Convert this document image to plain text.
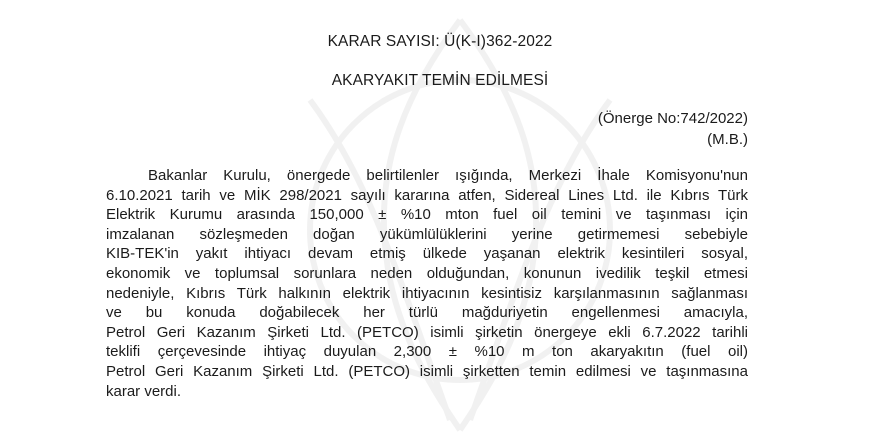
KARAR SAYISI: Ü(K-I)362-2022
AKARYAKIT TEMİN EDİLMESİ
(Önerge No:742/2022)
(M.B.)
Bakanlar Kurulu, önergede belirtilenler ışığında, Merkezi İhale Komisyonu'nun
6.10.2021 tarih ve MİK 298/2021 sayılı kararına atfen, Sidereal Lines Ltd. ile Kıbrıs Türk
Elektrik Kurumu arasında 150,000 ± %10 mton fuel oil temini ve taşınması için
imzalanan sözleşmeden doğan yükümlülüklerini yerine getirmemesi sebebiyle
KIB-TEK'in yakıt ihtiyacı devam etmiş ülkede yaşanan elektrik kesintileri sosyal,
ekonomik ve toplumsal sorunlara neden olduğundan, konunun ivedilik teşkil etmesi
nedeniyle, Kıbrıs Türk halkının elektrik ihtiyacının kesintisiz karşılanmasının sağlanması
ve bu konuda doğabilecek her türlü mağduriyetin engellenmesi amacıyla,
Petrol Geri Kazanım Şirketi Ltd. (PETCO) isimli şirketin önergeye ekli 6.7.2022 tarihli
teklifi çerçevesinde ihtiyaç duyulan 2,300 ± %10 m ton akaryakıtın (fuel oil)
Petrol Geri Kazanım Şirketi Ltd. (PETCO) isimli şirketten temin edilmesi ve taşınmasına
karar verdi.
